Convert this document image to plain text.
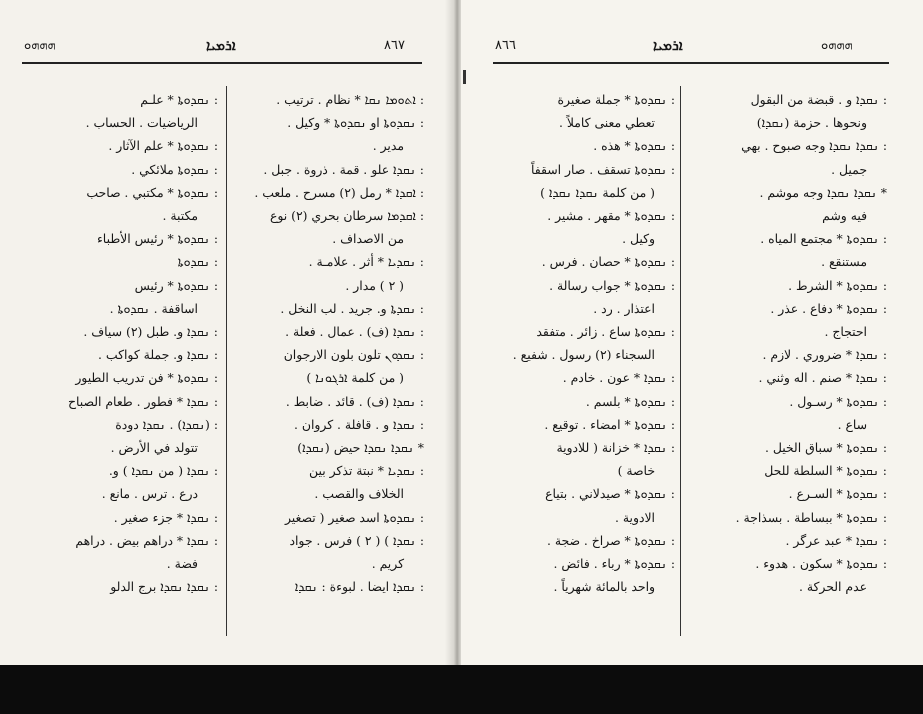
ܗܗܗܘ	ܐܪܡܝܐ	٨٦٧
: ܐܬܘܡܐ ܢܩܐ * نظام . ترتيب .
: ܢܩܕܘܬܐ او ܢܩܕܘܬܐ * وكيل .
مدير .
: ܢܩܕܐ علو . قمة . ذروة . جبل .
: ܐܩܕܐ * رمل (٢) مسرح . ملعب .
: ܐܩܕܡܐ سرطان بحري (٢) نوع
من الاصداف .
: ܢܩܕܝܐ * أثر . علامـة .
( ٢ ) مدار .
: ܢܩܕܬܐ و. جريد . لب النخل .
: ܢܩܕܐ (ف) . عمال . فعلة .
: ܢܩܕܘܢ تلون بلون الارجوان
( من كلمة ܐܪܓܘܢܐ )
: ܢܩܕܐ (ف) . قائد . ضابط .
: ܢܩܕܐ و . قافلة . كروان .
* ܢܩܕܐ ܢܩܕܐ حيض (ܢܩܕܐ)
: ܢܩܕܝܐ * نبتة تذكر بين
الخلاف والقصب .
: ܢܩܕܘܬܐ اسد صغير ( تصغير
: ܢܩܕܐ ) ( ٢ ) فرس . جواد
كريم .
: ܢܩܕܐ ايضا . لبوءة : ܢܩܕܐ
: ܢܩܕܘܬܐ * علـم
الرياضيات . الحساب .
: ܢܩܕܘܬܐ * علم الآثار .
: ܢܩܕܘܬܐ ملائكي .
: ܢܩܕܘܬܐ * مكتبي . صاحب
مكتبة .
: ܢܩܕܘܬܐ * رئيس الأطباء
: ܢܩܕܘܬܐ
: ܢܩܕܘܬܐ * رئيس
اساقفة . ܢܩܕܘܬܐ .
: ܢܩܕܐ و. طبل (٢) سياف .
: ܢܩܕܐ و. جملة كواكب .
: ܢܩܕܘܬܐ * فن تدريب الطيور
: ܢܩܕܐ * فطور . طعام الصباح
: (ܢܩܕܐ) . ܢܩܕܐ دودة
تتولد في الأرض .
: ܢܩܕܐ ( من ܢܩܕܐ ) و.
درع . ترس . مانع .
: ܢܩܕܐ * جزء صغير .
: ܢܩܕܐ * دراهم بيض . دراهم
فضة .
: ܢܩܕܐ ܢܩܕܐ برج الدلو
٨٦٦	ܐܪܡܝܐ	ܗܗܗܘ
: ܢܩܕܐ و . قبضة من البقول
ونحوها . حزمة (ܢܩܕܐ)
: ܢܩܕܐ ܢܩܕܐ وجه صبوح . بهي
جميل .
* ܢܩܕܐ ܢܩܕܐ وجه موشم .
فيه وشم
: ܢܩܕܘܬܐ * مجتمع المياه .
مستنقع .
: ܢܩܕܘܬܐ * الشرط .
: ܢܩܕܘܬܐ * دفاع . عذر .
احتجاج .
: ܢܩܕܐ * ضروري . لازم .
: ܢܩܕܐ * صنم . اله وثني .
: ܢܩܕܘܬܐ * رسـول .
ساع .
: ܢܩܕܘܬܐ * سباق الخيل .
: ܢܩܕܘܬܐ * السلطة للحل
: ܢܩܕܘܬܐ * السـرع .
: ܢܩܕܘܬܐ * ببساطة . بسذاجة .
: ܢܩܕܐ * عبد عرگر .
: ܢܩܕܘܬܐ * سكون . هدوء .
عدم الحركة .
: ܢܩܕܘܬܐ * جملة صغيرة
تعطي معنى كاملاً .
: ܢܩܕܘܬܐ * هذه .
: ܢܩܕܘܬܐ تسقف . صار اسقفاً
( من كلمة ܢܩܕܐ ܢܩܕܐ )
: ܢܩܕܘܬܐ * مقهر . مشير .
وكيل .
: ܢܩܕܘܬܐ * حصان . فرس .
: ܢܩܕܘܬܐ * جواب رسالة .
اعتذار . رد .
: ܢܩܕܘܬܐ ساع . زائر . متفقد
السجناء (٢) رسول . شفيع .
: ܢܩܕܐ * عون . خادم .
: ܢܩܕܘܬܐ * بلسم .
: ܢܩܕܘܬܐ * امضاء . توقيع .
: ܢܩܕܐ * خزانة ( للادوية
خاصة )
: ܢܩܕܘܬܐ * صيدلاني . بتياع
الادوية .
: ܢܩܕܘܬܐ * صراخ . ضجة .
: ܢܩܕܘܬܐ * رباء . فائض .
واحد بالمائة شهرياً .
